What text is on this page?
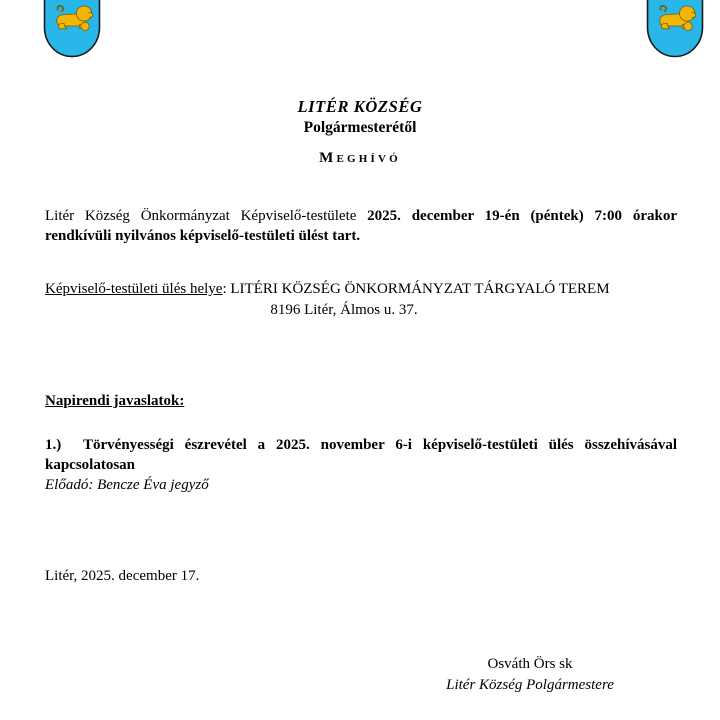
LITÉR KÖZSÉG
Polgármesterétől
Meghívó

Litér Község Önkormányzat Képviselő-testülete 2025. december 19-én (péntek) 7:00 órakor rendkívüli nyilvános képviselő-testületi ülést tart.

Képviselő-testületi ülés helye: LITÉRI KÖZSÉG ÖNKORMÁNYZAT TÁRGYALÓ TEREM

8196 Litér, Álmos u. 37.

Napirendi javaslatok:

1.) Törvényességi észrevétel a 2025. november 6-i képviselő-testületi ülés összehívásával kapcsolatosan

Előadó: Bencze Éva jegyző

Litér, 2025. december 17.

Osváth Örs sk
Litér Község Polgármestere
